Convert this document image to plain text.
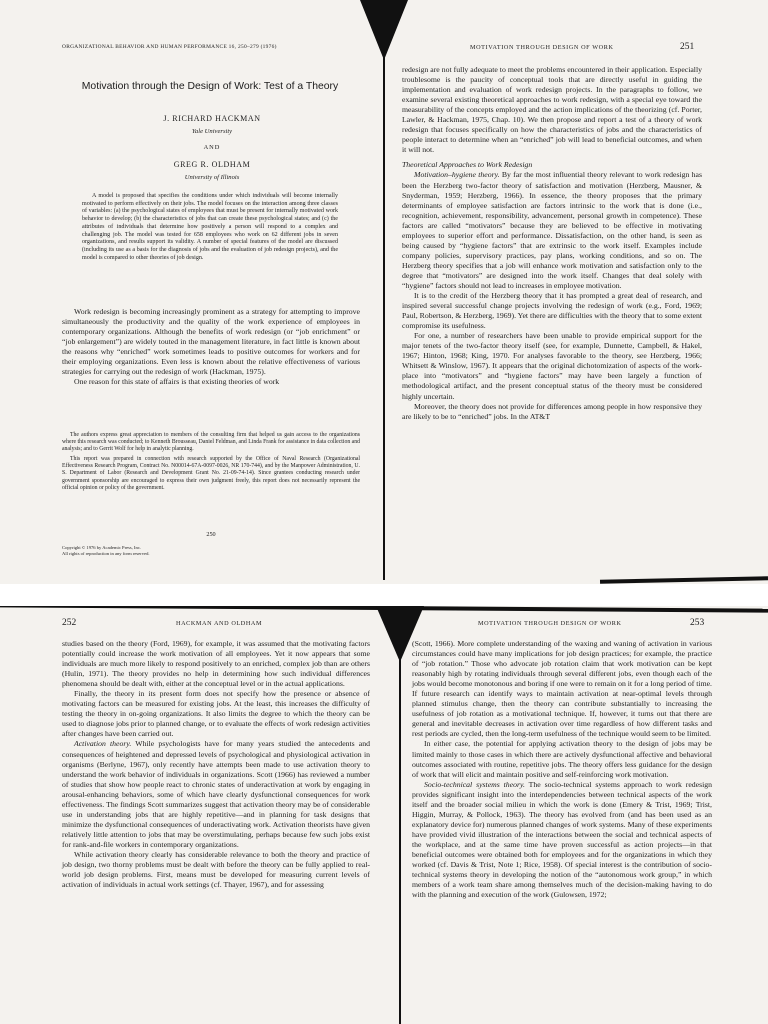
ORGANIZATIONAL BEHAVIOR AND HUMAN PERFORMANCE 16, 250–279 (1976)
Motivation through the Design of Work: Test of a Theory
J. RICHARD HACKMAN
Yale University
AND
GREG R. OLDHAM
University of Illinois
A model is proposed that specifies the conditions under which individuals will become internally motivated to perform effectively on their jobs. The model focuses on the interaction among three classes of variables: (a) the psychological states of employees that must be present for internally motivated work behavior to develop; (b) the characteristics of jobs that can create these psychological states; and (c) the attributes of individuals that determine how positively a person will respond to a complex and challenging job. The model was tested for 658 employees who work on 62 different jobs in seven organizations, and results support its validity. A number of special features of the model are discussed (including its use as a basis for the diagnosis of jobs and the evaluation of job redesign projects), and the model is compared to other theories of job design.

Work redesign is becoming increasingly prominent as a strategy for attempting to improve simultaneously the productivity and the quality of the work experience of employees in contemporary organizations. Although the benefits of work redesign (or “job enrichment” or “job enlargement”) are widely touted in the management literature, in fact little is known about the reasons why “enriched” work sometimes leads to positive outcomes for workers and for their employing organizations. Even less is known about the relative effectiveness of various strategies for carrying out the redesign of work (Hackman, 1975).

One reason for this state of affairs is that existing theories of work

The authors express great appreciation to members of the consulting firm that helped us gain access to the organizations where this research was conducted; to Kenneth Brousseau, Daniel Feldman, and Linda Frank for assistance in data collection and analysis; and to Gerrit Wolf for help in analytic planning.

This report was prepared in connection with research supported by the Office of Naval Research (Organizational Effectiveness Research Program, Contract No. N00014-67A-0097-0026, NR 170-744), and by the Manpower Administration, U. S. Department of Labor (Research and Development Grant No. 21-09-74-14). Since grantees conducting research under government sponsorship are encouraged to express their own judgment freely, this report does not necessarily represent the official opinion or policy of the government.

250
Copyright © 1976 by Academic Press, Inc.
All rights of reproduction in any form reserved.
MOTIVATION THROUGH DESIGN OF WORK	251

redesign are not fully adequate to meet the problems encountered in their application. Especially troublesome is the paucity of conceptual tools that are directly useful in guiding the implementation and evaluation of work redesign projects. In the paragraphs to follow, we examine several existing theoretical approaches to work redesign, with a special eye toward the measurability of the concepts employed and the action implications of the theorizing (cf. Porter, Lawler, & Hackman, 1975, Chap. 10). We then propose and report a test of a theory of work redesign that focuses specifically on how the characteristics of jobs and the characteristics of people interact to determine when an “enriched” job will lead to beneficial outcomes, and when it will not.

Theoretical Approaches to Work Redesign

Motivation–hygiene theory. By far the most influential theory relevant to work redesign has been the Herzberg two-factor theory of satisfaction and motivation (Herzberg, Mausner, & Snyderman, 1959; Herzberg, 1966). In essence, the theory proposes that the primary determinants of employee satisfaction are factors intrinsic to the work that is done (i.e., recognition, achievement, responsibility, advancement, personal growth in competence). These factors are called “motivators” because they are believed to be effective in motivating employees to superior effort and performance. Dissatisfaction, on the other hand, is seen as being caused by “hygiene factors” that are extrinsic to the work itself. Examples include company policies, supervisory practices, pay plans, working conditions, and so on. The Herzberg theory specifies that a job will enhance work motivation and satisfaction only to the degree that “motivators” are designed into the work itself. Changes that deal solely with “hygiene” factors should not lead to increases in employee motivation.

It is to the credit of the Herzberg theory that it has prompted a great deal of research, and inspired several successful change projects involving the redesign of work (e.g., Ford, 1969; Paul, Robertson, & Herzberg, 1969). Yet there are difficulties with the theory that to some extent compromise its usefulness.

For one, a number of researchers have been unable to provide empirical support for the major tenets of the two-factor theory itself (see, for example, Dunnette, Campbell, & Hakel, 1967; Hinton, 1968; King, 1970. For analyses favorable to the theory, see Herzberg, 1966; Whitsett & Winslow, 1967). It appears that the original dichotomization of aspects of the work-place into “motivators” and “hygiene factors” may have been largely a function of methodological artifact, and the present conceptual status of the theory must be considered highly uncertain.

Moreover, the theory does not provide for differences among people in how responsive they are likely to be to “enriched” jobs. In the AT&T

252	HACKMAN AND OLDHAM

studies based on the theory (Ford, 1969), for example, it was assumed that the motivating factors potentially could increase the work motivation of all employees. Yet it now appears that some individuals are much more likely to respond positively to an enriched, complex job than are others (Hulin, 1971). The theory provides no help in determining how such individual differences phenomena should be dealt with, either at the conceptual level or in the actual applications.

Finally, the theory in its present form does not specify how the presence or absence of motivating factors can be measured for existing jobs. At the least, this increases the difficulty of testing the theory in on-going organizations. It also limits the degree to which the theory can be used to diagnose jobs prior to planned change, or to evaluate the effects of work redesign activities after changes have been carried out.

Activation theory. While psychologists have for many years studied the antecedents and consequences of heightened and depressed levels of psychological and physiological activation in organisms (Berlyne, 1967), only recently have attempts been made to use activation theory to understand the work behavior of individuals in organizations. Scott (1966) has reviewed a number of studies that show how people react to chronic states of underactivation at work by engaging in arousal-enhancing behaviors, some of which have clearly dysfunctional consequences for work effectiveness. The findings Scott summarizes suggest that activation theory may be of considerable use in understanding jobs that are highly repetitive—and in planning for task designs that minimize the dysfunctional consequences of underactivating work. Activation theorists have given relatively little attention to jobs that may be overstimulating, perhaps because few such jobs exist for rank-and-file workers in contemporary organizations.

While activation theory clearly has considerable relevance to both the theory and practice of job design, two thorny problems must be dealt with before the theory can be fully applied to real-world job design problems. First, means must be developed for measuring current levels of activation of individuals in actual work settings (cf. Thayer, 1967), and for assessing

MOTIVATION THROUGH DESIGN OF WORK	253

(Scott, 1966). More complete understanding of the waxing and waning of activation in various circumstances could have many implications for job design practices; for example, the practice of “job rotation.” Those who advocate job rotation claim that work motivation can be kept reasonably high by rotating individuals through several different jobs, even though each of the jobs would become monotonous and boring if one were to remain on it for a long period of time. If future research can identify ways to maintain activation at near-optimal levels through planned stimulus change, then the theory can contribute substantially to increasing the usefulness of job rotation as a motivational technique. If, however, it turns out that there are general and inevitable decreases in activation over time regardless of how different tasks and rest periods are cycled, then the long-term usefulness of the technique would seem to be limited.

In either case, the potential for applying activation theory to the design of jobs may be limited mainly to those cases in which there are actively dysfunctional affective and behavioral outcomes associated with routine, repetitive jobs. The theory offers less guidance for the design of work that will elicit and maintain positive and self-reinforcing work motivation.

Socio-technical systems theory. The socio-technical systems approach to work redesign provides significant insight into the interdependencies between technical aspects of the work itself and the broader social milieu in which the work is done (Emery & Trist, 1969; Trist, Higgin, Murray, & Pollock, 1963). The theory has evolved from (and has been used as an explanatory device for) numerous planned changes of work systems. Many of these experiments have provided vivid illustration of the interactions between the social and technical aspects of the workplace, and at the same time have proven successful as action projects—in that beneficial outcomes were obtained both for employees and for the organizations in which they worked (cf. Davis & Trist, Note 1; Rice, 1958). Of special interest is the contribution of socio-technical systems theory in developing the notion of the “autonomous work group,” in which members of a work team share among themselves much of the decision-making having to do with the planning and execution of the work (Gulowsen, 1972;
